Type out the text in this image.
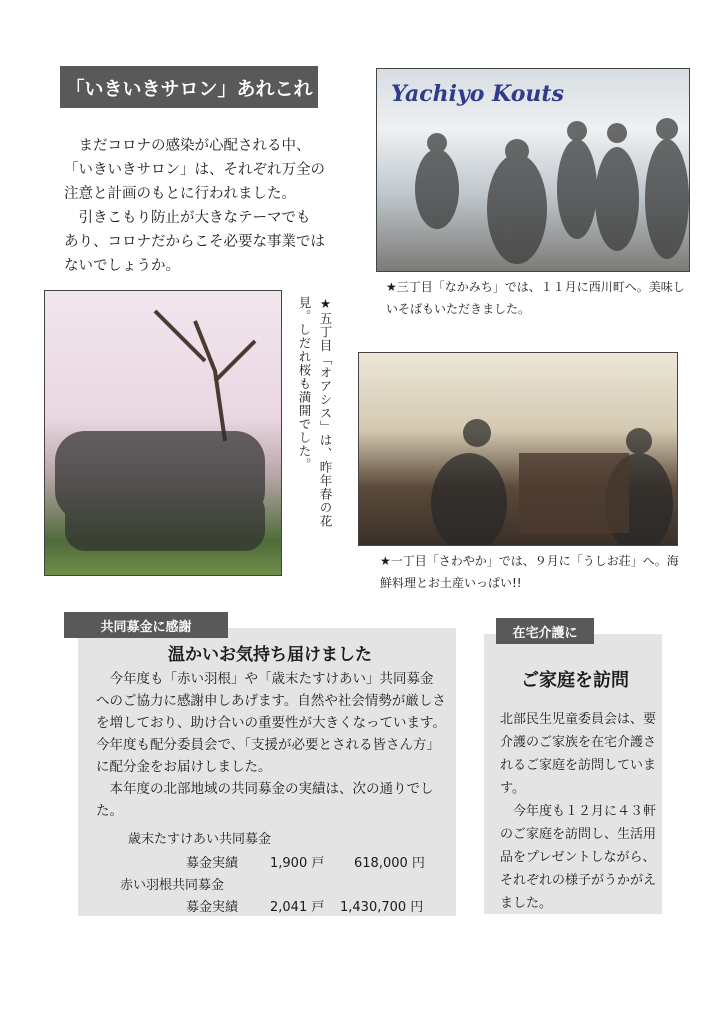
「いきいきサロン」あれこれ

まだコロナの感染が心配される中、

「いきいきサロン」は、それぞれ万全の

注意と計画のもとに行われました。

引きこもり防止が大きなテーマでも

あり、コロナだからこそ必要な事業では

ないでしょうか。

Yachiyo Kouts
★三丁目「なかみち」では、１１月に西川町へ。美味しいそばもいただきました。
★五丁目「オアシス」は、昨年春の花見。しだれ桜も満開でした。
★一丁目「さわやか」では、９月に「うしお荘」へ。海鮮料理とお土産いっぱい!!
共同募金に感謝
温かいお気持ち届けました

今年度も「赤い羽根」や「歳末たすけあい」共同募金へのご協力に感謝申しあげます。自然や社会情勢が厳しさを増しており、助け合いの重要性が大きくなっています。今年度も配分委員会で、「支援が必要とされる皆さん方」に配分金をお届けしました。

本年度の北部地域の共同募金の実績は、次の通りでした。

歳末たすけあい共同募金
募金実績 1,900 戸 618,000 円
赤い羽根共同募金
募金実績 2,041 戸 1,430,700 円
在宅介護に
ご家庭を訪問

北部民生児童委員会は、要介護のご家族を在宅介護されるご家庭を訪問しています。

今年度も１２月に４３軒のご家庭を訪問し、生活用品をプレゼントしながら、それぞれの様子がうかがえました。
